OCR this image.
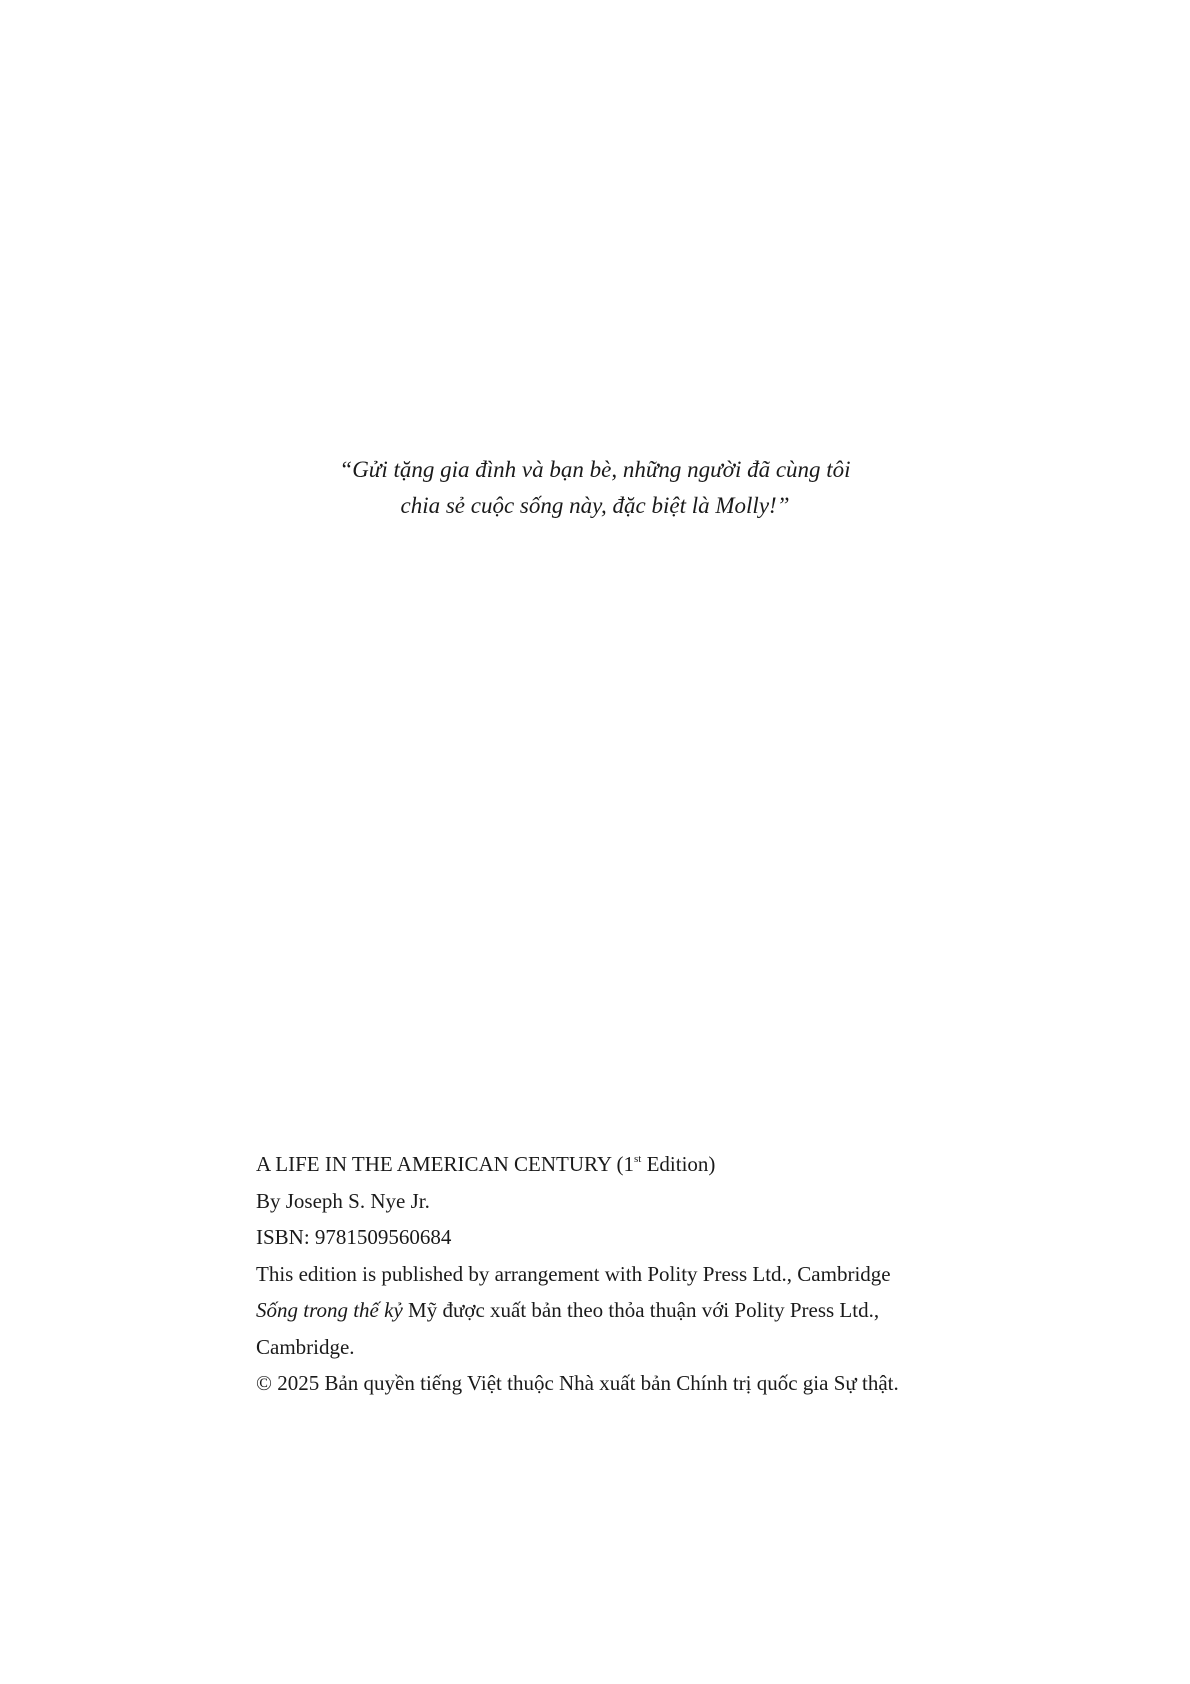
“Gửi tặng gia đình và bạn bè, những người đã cùng tôi
chia sẻ cuộc sống này, đặc biệt là Molly!”
A LIFE IN THE AMERICAN CENTURY (1st Edition)
By Joseph S. Nye Jr.
ISBN: 9781509560684
This edition is published by arrangement with Polity Press Ltd., Cambridge
Sống trong thế kỷ Mỹ được xuất bản theo thỏa thuận với Polity Press Ltd., Cambridge.
© 2025 Bản quyền tiếng Việt thuộc Nhà xuất bản Chính trị quốc gia Sự thật.
